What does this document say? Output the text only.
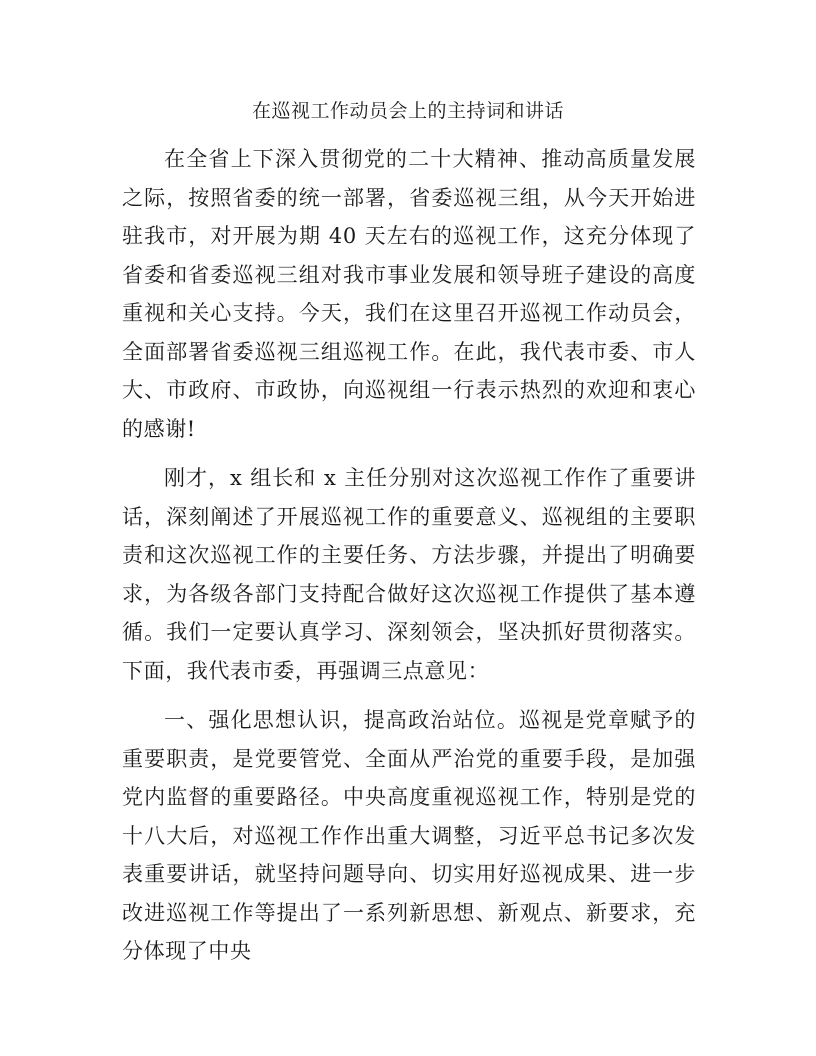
在巡视工作动员会上的主持词和讲话

在全省上下深入贯彻党的二十大精神、推动高质量发展之际，按照省委的统一部署，省委巡视三组，从今天开始进驻我市，对开展为期 40 天左右的巡视工作，这充分体现了省委和省委巡视三组对我市事业发展和领导班子建设的高度重视和关心支持。今天，我们在这里召开巡视工作动员会，全面部署省委巡视三组巡视工作。在此，我代表市委、市人大、市政府、市政协，向巡视组一行表示热烈的欢迎和衷心的感谢!

刚才，x 组长和 x 主任分别对这次巡视工作作了重要讲话，深刻阐述了开展巡视工作的重要意义、巡视组的主要职责和这次巡视工作的主要任务、方法步骤，并提出了明确要求，为各级各部门支持配合做好这次巡视工作提供了基本遵循。我们一定要认真学习、深刻领会，坚决抓好贯彻落实。下面，我代表市委，再强调三点意见：

一、强化思想认识，提高政治站位。巡视是党章赋予的重要职责，是党要管党、全面从严治党的重要手段，是加强党内监督的重要路径。中央高度重视巡视工作，特别是党的十八大后，对巡视工作作出重大调整，习近平总书记多次发表重要讲话，就坚持问题导向、切实用好巡视成果、进一步改进巡视工作等提出了一系列新思想、新观点、新要求，充分体现了中央
